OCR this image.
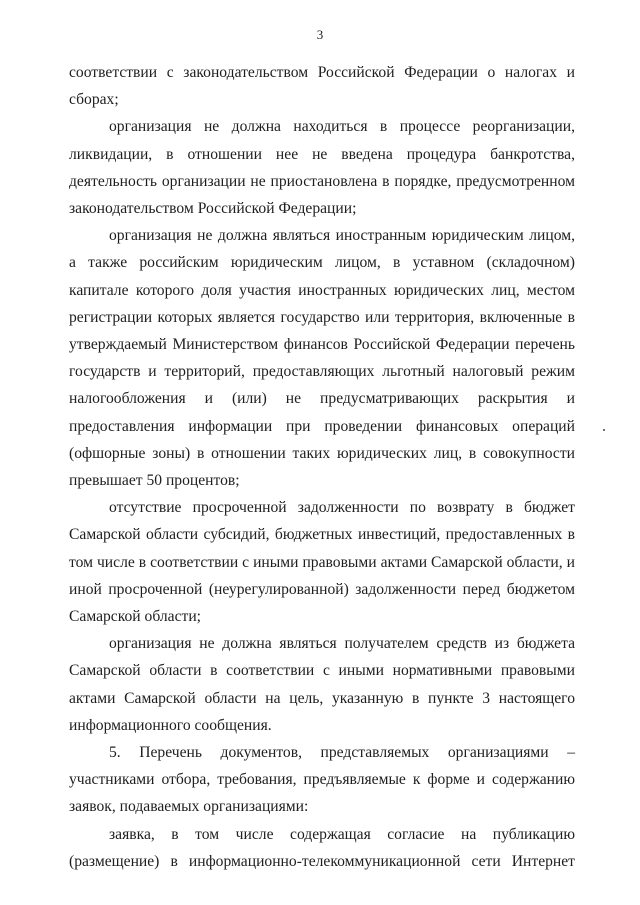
3

соответствии с законодательством Российской Федерации о налогах и сборах;

организация не должна находиться в процессе реорганизации, ликвидации, в отношении нее не введена процедура банкротства, деятельность организации не приостановлена в порядке, предусмотренном законодательством Российской Федерации;

организация не должна являться иностранным юридическим лицом, а также российским юридическим лицом, в уставном (складочном) капитале которого доля участия иностранных юридических лиц, местом регистрации которых является государство или территория, включенные в утверждаемый Министерством финансов Российской Федерации перечень государств и территорий, предоставляющих льготный налоговый режим налогообложения и (или) не предусматривающих раскрытия и предоставления информации при проведении финансовых операций (офшорные зоны) в отношении таких юридических лиц, в совокупности превышает 50 процентов;

отсутствие просроченной задолженности по возврату в бюджет Самарской области субсидий, бюджетных инвестиций, предоставленных в том числе в соответствии с иными правовыми актами Самарской области, и иной просроченной (неурегулированной) задолженности перед бюджетом Самарской области;

организация не должна являться получателем средств из бюджета Самарской области в соответствии с иными нормативными правовыми актами Самарской области на цель, указанную в пункте 3 настоящего информационного сообщения.

5. Перечень документов, представляемых организациями – участниками отбора, требования, предъявляемые к форме и содержанию заявок, подаваемых организациями:

заявка, в том числе содержащая согласие на публикацию (размещение) в информационно-телекоммуникационной сети Интернет
